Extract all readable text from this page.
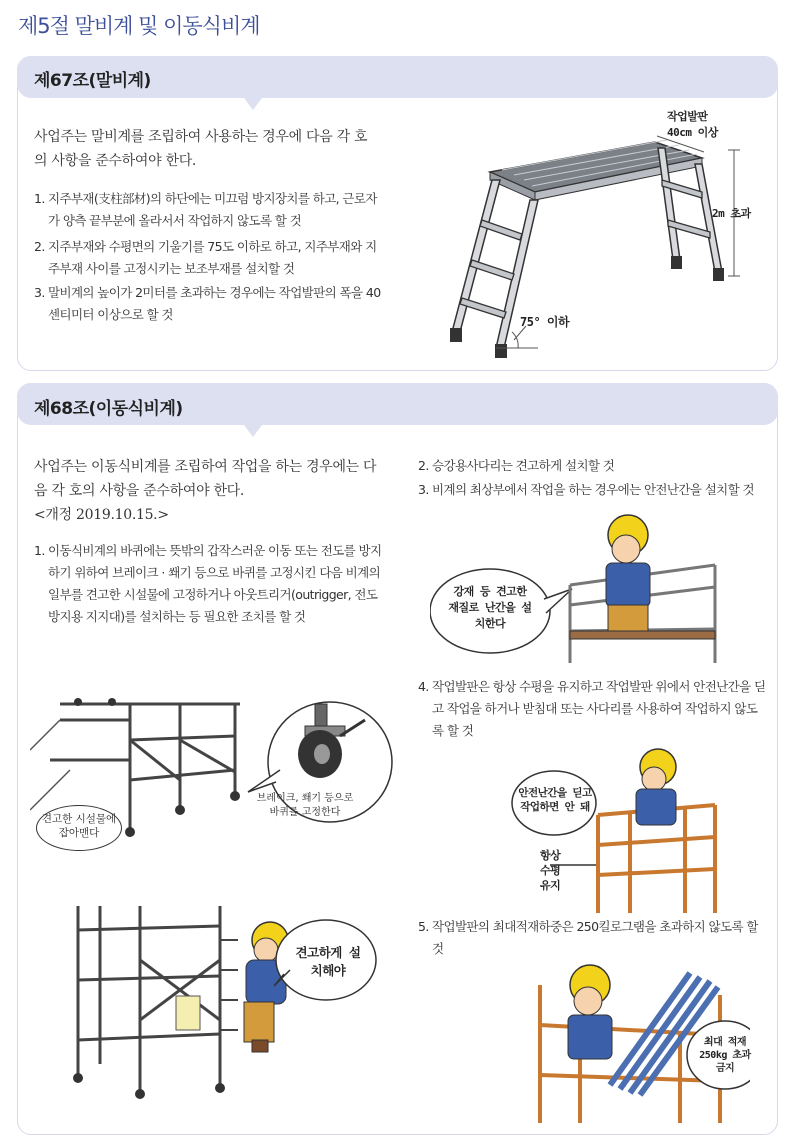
제5절 말비계 및 이동식비계
제67조(말비계)
사업주는 말비계를 조립하여 사용하는 경우에 다음 각 호의 사항을 준수하여야 한다.
1. 지주부재(支柱部材)의 하단에는 미끄럼 방지장치를 하고, 근로자가 양측 끝부분에 올라서서 작업하지 않도록 할 것
2. 지주부재와 수평면의 기울기를 75도 이하로 하고, 지주부재와 지주부재 사이를 고정시키는 보조부재를 설치할 것
3. 말비계의 높이가 2미터를 초과하는 경우에는 작업발판의 폭을 40센티미터 이상으로 할 것
작업발판
40cm 이상
2m 초과
75° 이하
제68조(이동식비계)
사업주는 이동식비계를 조립하여 작업을 하는 경우에는 다음 각 호의 사항을 준수하여야 한다.
<개정 2019.10.15.>
1. 이동식비계의 바퀴에는 뜻밖의 갑작스러운 이동 또는 전도를 방지하기 위하여 브레이크 · 쐐기 등으로 바퀴를 고정시킨 다음 비계의 일부를 견고한 시설물에 고정하거나 아웃트리거(outrigger, 전도방지용 지지대)를 설치하는 등 필요한 조치를 할 것
2. 승강용사다리는 견고하게 설치할 것
3. 비계의 최상부에서 작업을 하는 경우에는 안전난간을 설치할 것
4. 작업발판은 항상 수평을 유지하고 작업발판 위에서 안전난간을 딛고 작업을 하거나 받침대 또는 사다리를 사용하여 작업하지 않도록 할 것
5. 작업발판의 최대적재하중은 250킬로그램을 초과하지 않도록 할 것
견고한 시설물에 잡아맨다
브레이크, 쐐기 등으로 바퀴를 고정한다
견고하게 설치해야
강재 등 견고한 재질로 난간을 설치한다
안전난간을 딛고 작업하면 안 돼
항상 수평 유지
최대 적재 250kg 초과 금지
